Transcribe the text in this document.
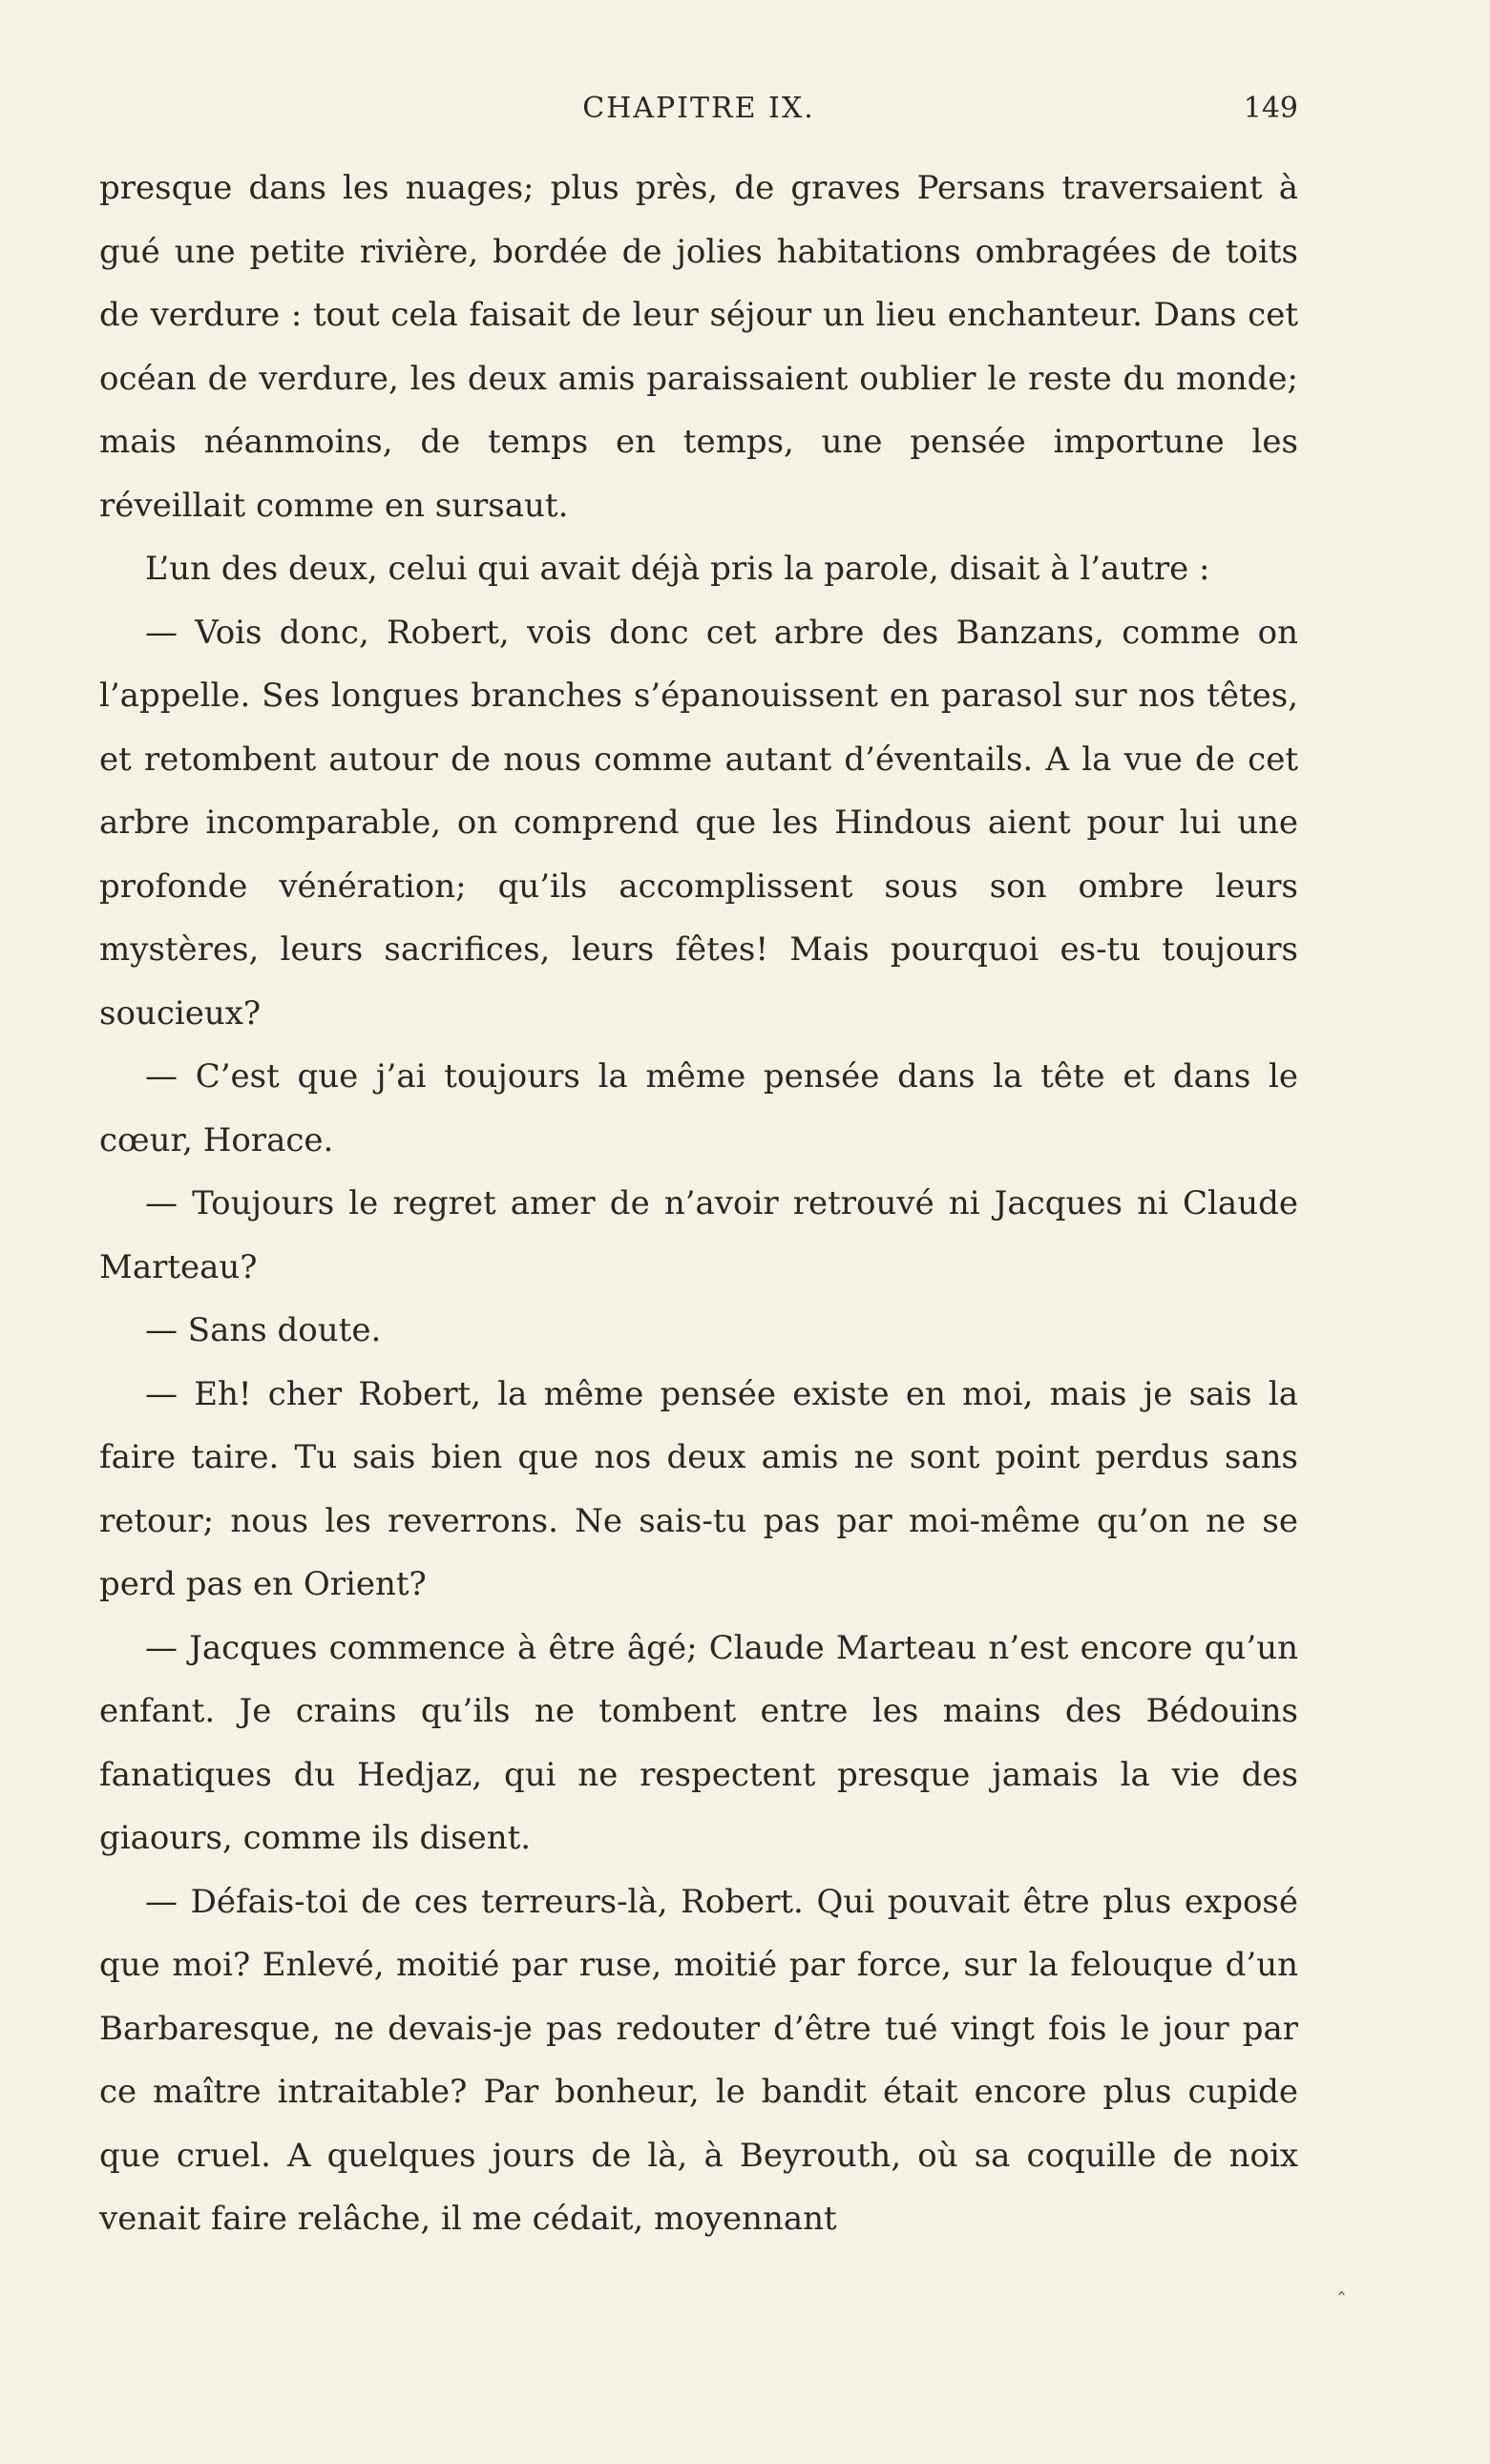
CHAPITRE IX.	149

presque dans les nuages; plus près, de graves Persans traversaient à gué une petite rivière, bordée de jolies habitations ombragées de toits de verdure : tout cela faisait de leur séjour un lieu enchanteur. Dans cet océan de verdure, les deux amis paraissaient oublier le reste du monde; mais néanmoins, de temps en temps, une pensée importune les réveillait comme en sursaut.

L’un des deux, celui qui avait déjà pris la parole, disait à l’autre :

— Vois donc, Robert, vois donc cet arbre des Banzans, comme on l’appelle. Ses longues branches s’épanouissent en parasol sur nos têtes, et retombent autour de nous comme autant d’éventails. A la vue de cet arbre incomparable, on comprend que les Hindous aient pour lui une profonde vénération; qu’ils accomplissent sous son ombre leurs mystères, leurs sacrifices, leurs fêtes! Mais pourquoi es-tu toujours soucieux?

— C’est que j’ai toujours la même pensée dans la tête et dans le cœur, Horace.

— Toujours le regret amer de n’avoir retrouvé ni Jacques ni Claude Marteau?

— Sans doute.

— Eh! cher Robert, la même pensée existe en moi, mais je sais la faire taire. Tu sais bien que nos deux amis ne sont point perdus sans retour; nous les reverrons. Ne sais-tu pas par moi-même qu’on ne se perd pas en Orient?

— Jacques commence à être âgé; Claude Marteau n’est encore qu’un enfant. Je crains qu’ils ne tombent entre les mains des Bédouins fanatiques du Hedjaz, qui ne respectent presque jamais la vie des giaours, comme ils disent.

— Défais-toi de ces terreurs-là, Robert. Qui pouvait être plus exposé que moi? Enlevé, moitié par ruse, moitié par force, sur la felouque d’un Barbaresque, ne devais-je pas redouter d’être tué vingt fois le jour par ce maître intraitable? Par bonheur, le bandit était encore plus cupide que cruel. A quelques jours de là, à Beyrouth, où sa coquille de noix venait faire relâche, il me cédait, moyennant

ˆ
